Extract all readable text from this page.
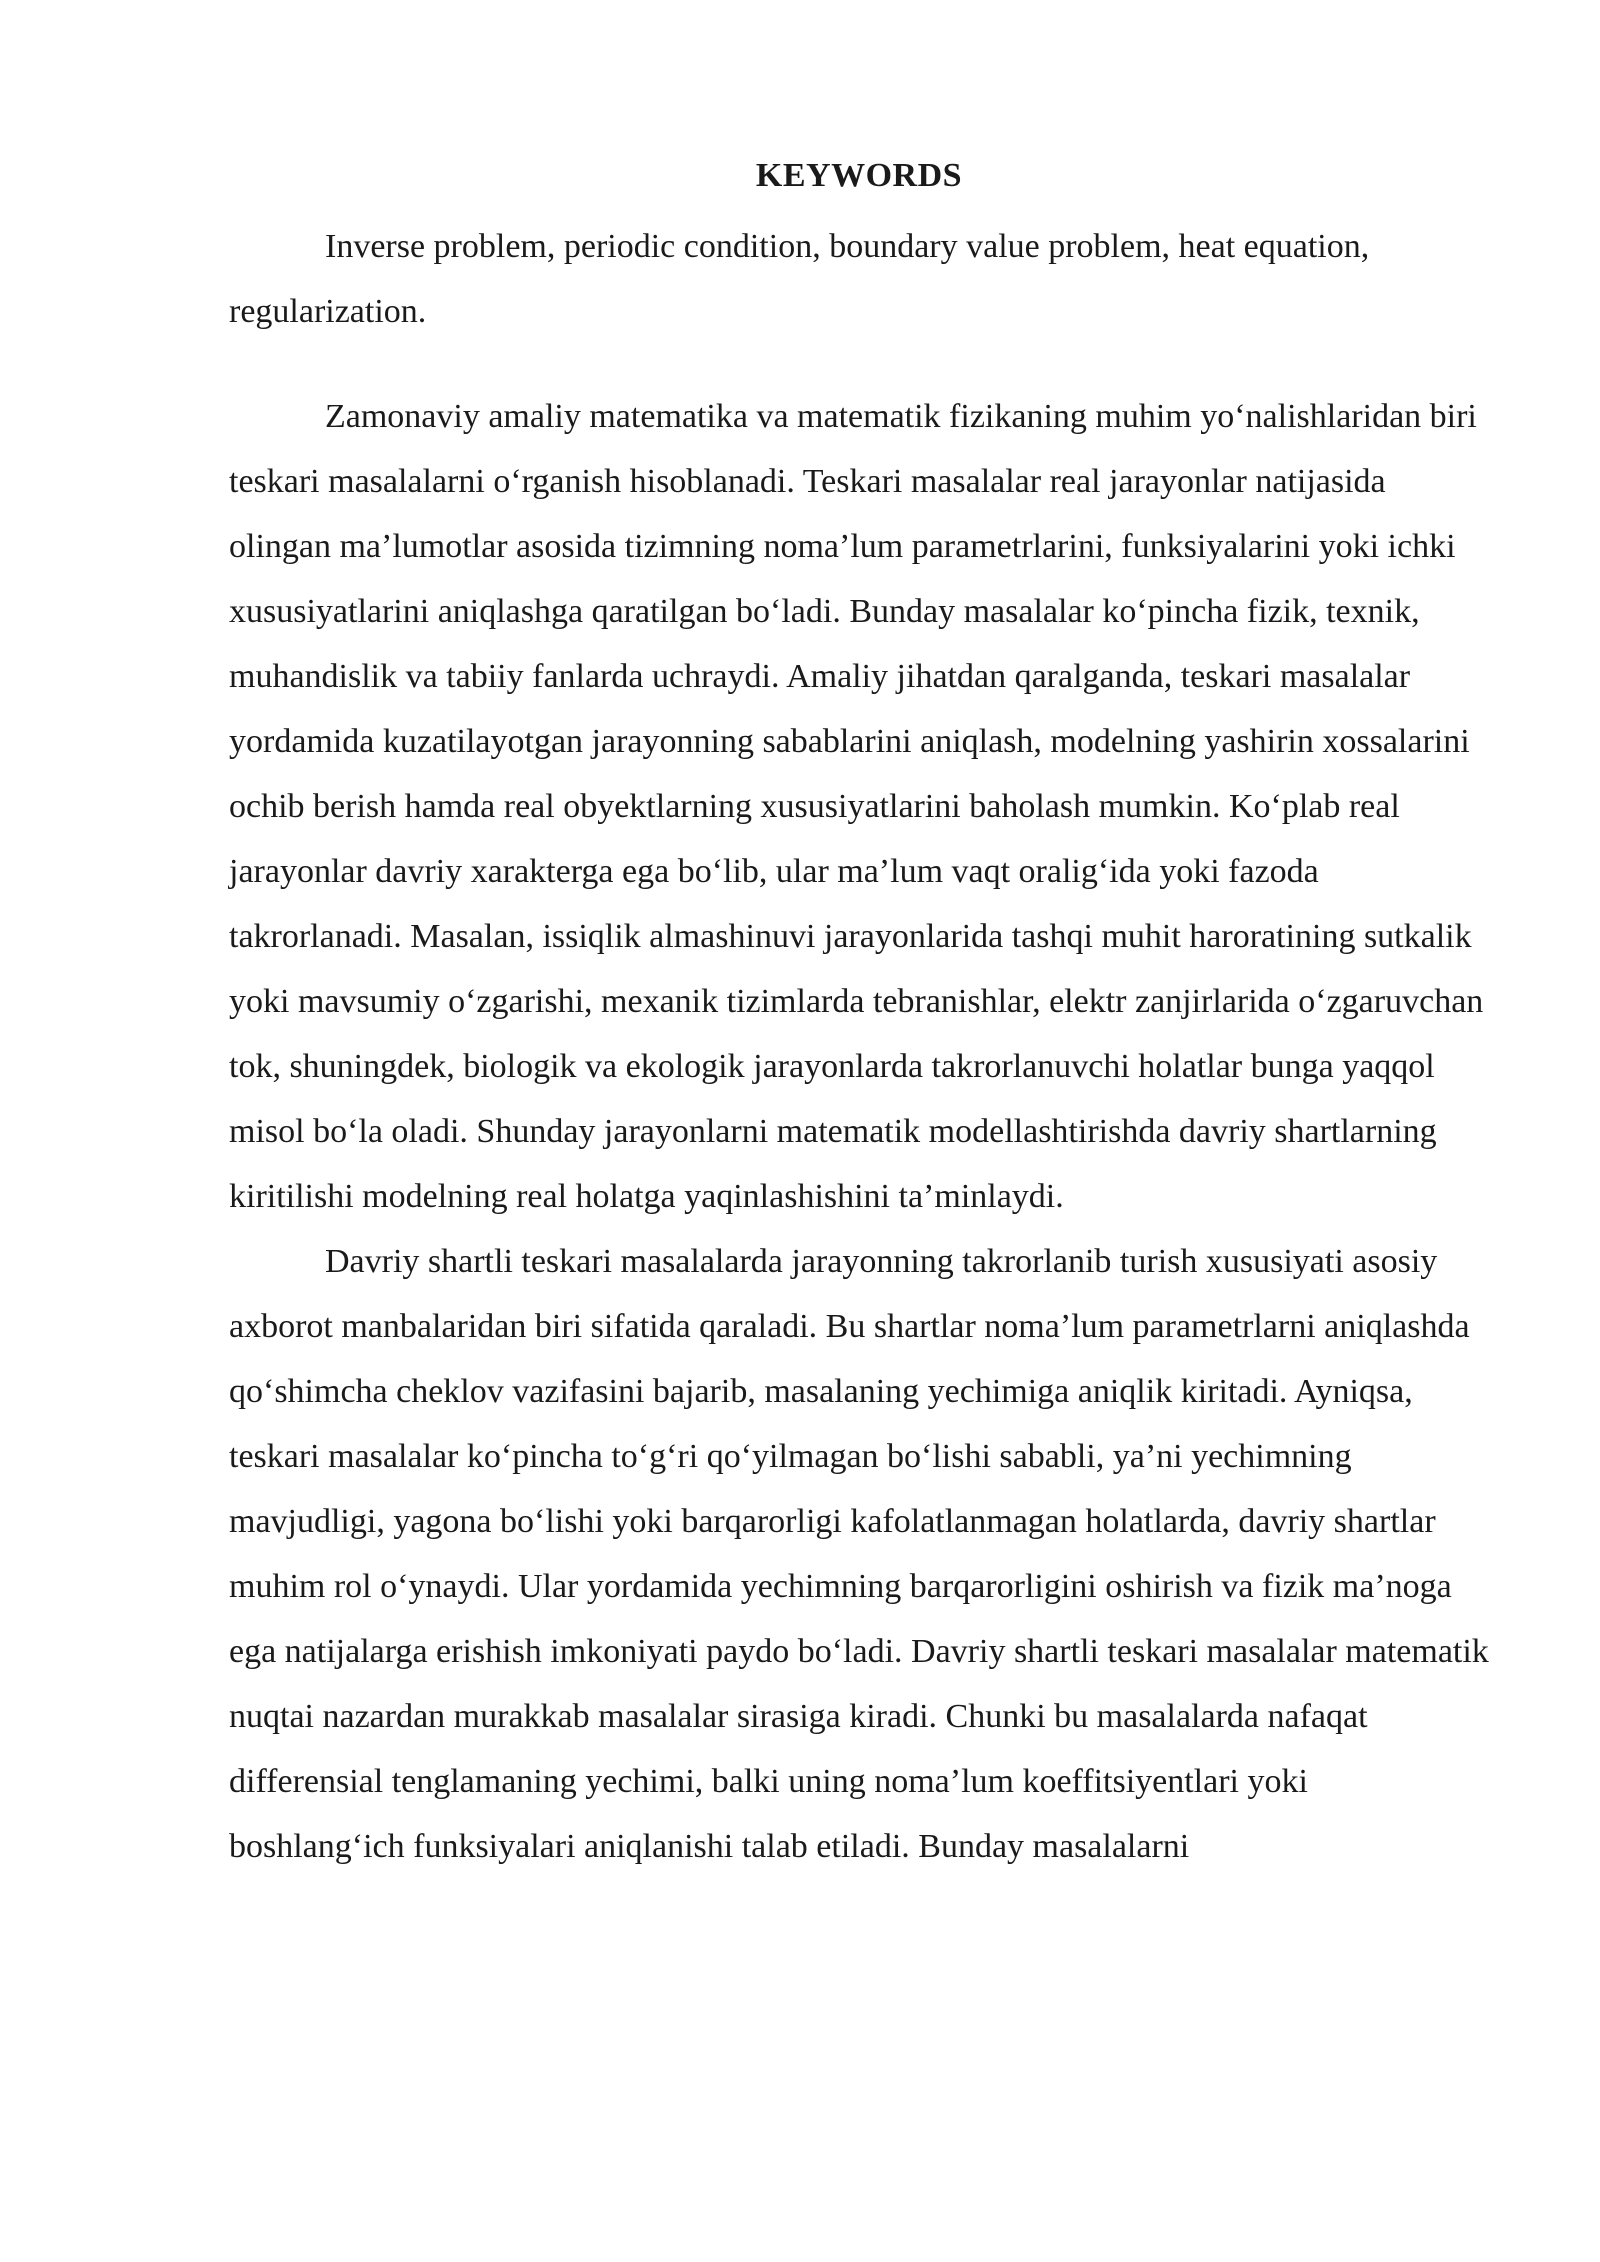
KEYWORDS

Inverse problem, periodic condition, boundary value problem, heat equation, regularization.

Zamonaviy amaliy matematika va matematik fizikaning muhim yo‘nalishlaridan biri teskari masalalarni o‘rganish hisoblanadi. Teskari masalalar real jarayonlar natijasida olingan ma’lumotlar asosida tizimning noma’lum parametrlarini, funksiyalarini yoki ichki xususiyatlarini aniqlashga qaratilgan bo‘ladi. Bunday masalalar ko‘pincha fizik, texnik, muhandislik va tabiiy fanlarda uchraydi. Amaliy jihatdan qaralganda, teskari masalalar yordamida kuzatilayotgan jarayonning sabablarini aniqlash, modelning yashirin xossalarini ochib berish hamda real obyektlarning xususiyatlarini baholash mumkin. Ko‘plab real jarayonlar davriy xarakterga ega bo‘lib, ular ma’lum vaqt oralig‘ida yoki fazoda takrorlanadi. Masalan, issiqlik almashinuvi jarayonlarida tashqi muhit haroratining sutkalik yoki mavsumiy o‘zgarishi, mexanik tizimlarda tebranishlar, elektr zanjirlarida o‘zgaruvchan tok, shuningdek, biologik va ekologik jarayonlarda takrorlanuvchi holatlar bunga yaqqol misol bo‘la oladi. Shunday jarayonlarni matematik modellashtirishda davriy shartlarning kiritilishi modelning real holatga yaqinlashishini ta’minlaydi.

Davriy shartli teskari masalalarda jarayonning takrorlanib turish xususiyati asosiy axborot manbalaridan biri sifatida qaraladi. Bu shartlar noma’lum parametrlarni aniqlashda qo‘shimcha cheklov vazifasini bajarib, masalaning yechimiga aniqlik kiritadi. Ayniqsa, teskari masalalar ko‘pincha to‘g‘ri qo‘yilmagan bo‘lishi sababli, ya’ni yechimning mavjudligi, yagona bo‘lishi yoki barqarorligi kafolatlanmagan holatlarda, davriy shartlar muhim rol o‘ynaydi. Ular yordamida yechimning barqarorligini oshirish va fizik ma’noga ega natijalarga erishish imkoniyati paydo bo‘ladi. Davriy shartli teskari masalalar matematik nuqtai nazardan murakkab masalalar sirasiga kiradi. Chunki bu masalalarda nafaqat differensial tenglamaning yechimi, balki uning noma’lum koeffitsiyentlari yoki boshlang‘ich funksiyalari aniqlanishi talab etiladi. Bunday masalalarni
